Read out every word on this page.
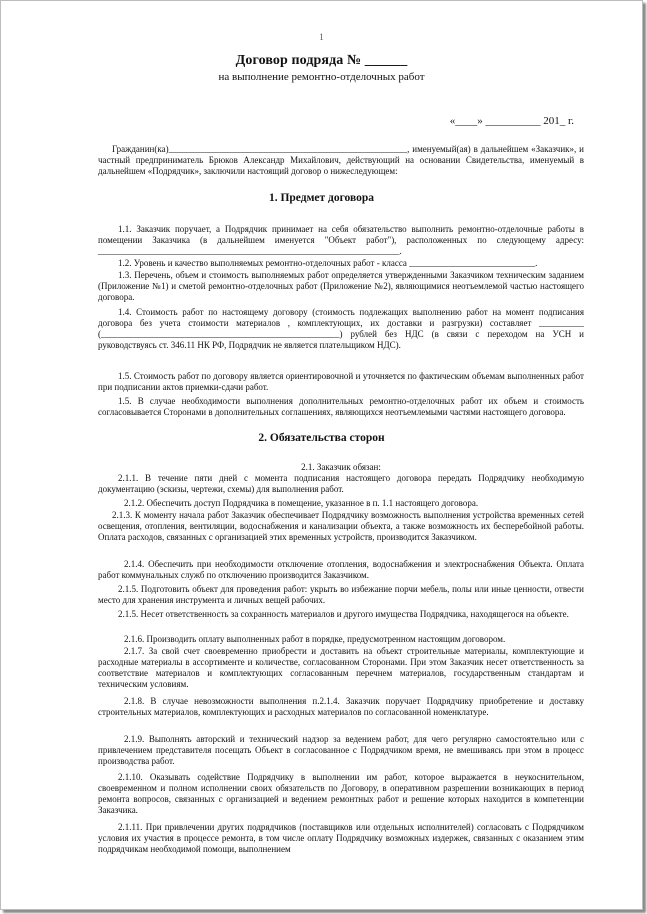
1
Договор подряда № ______
на выполнение ремонтно-отделочных работ
«____» __________ 201_ г.
Гражданин(ка)_____________________________________________________, именуемый(ая) в дальнейшем «Заказчик», и частный предприниматель Брюков Александр Михайлович, действующий на основании Свидетельства, именуемый в дальнейшем «Подрядчик», заключили настоящий договор о нижеследующем:
1. Предмет договора
1.1. Заказчик поручает, а Подрядчик принимает на себя обязательство выполнить ремонтно-отделочные работы в помещении Заказчика (в дальнейшем именуется "Объект работ"), расположенных по следующему адресу: ___________________________________________________________________.
1.2. Уровень и качество выполняемых ремонтно-отделочных работ - класса ____________________________.
1.3. Перечень, объем и стоимость выполняемых работ определяется утвержденными Заказчиком техническим заданием (Приложение №1) и сметой ремонтно-отделочных работ (Приложение №2), являющимися неотъемлемой частью настоящего договора.
1.4. Стоимость работ по настоящему договору (стоимость подлежащих выполнению работ на момент подписания договора без учета стоимости материалов , комплектующих, их доставки и разгрузки) составляет __________ (_____________________________________________________) рублей без НДС (в связи с переходом на УСН и руководствуясь ст. 346.11 НК РФ, Подрядчик не является плательщиком НДС).
1.5. Стоимость работ по договору является ориентировочной и уточняется по фактическим объемам выполненных работ при подписании актов приемки-сдачи работ.
1.5. В случае необходимости выполнения дополнительных ремонтно-отделочных работ их объем и стоимость согласовывается Сторонами в дополнительных соглашениях, являющихся неотъемлемыми частями настоящего договора.
2. Обязательства сторон
2.1. Заказчик обязан:
2.1.1. В течение пяти дней с момента подписания настоящего договора передать Подрядчику необходимую документацию (эскизы, чертежи, схемы) для выполнения работ.
2.1.2. Обеспечить доступ Подрядчика в помещение, указанное в п. 1.1 настоящего договора.
2.1.3. К моменту начала работ Заказчик обеспечивает Подрядчику возможность выполнения устройства временных сетей освещения, отопления, вентиляции, водоснабжения и канализации объекта, а также возможность их бесперебойной работы. Оплата расходов, связанных с организацией этих временных устройств, производится Заказчиком.
2.1.4. Обеспечить при необходимости отключение отопления, водоснабжения и электроснабжения Объекта. Оплата работ коммунальных служб по отключению производится Заказчиком.
2.1.5. Подготовить объект для проведения работ: укрыть во избежание порчи мебель, полы или иные ценности, отвести место для хранения инструмента и личных вещей рабочих.
2.1.5. Несет ответственность за сохранность материалов и другого имущества Подрядчика, находящегося на объекте.
2.1.6. Производить оплату выполненных работ в порядке, предусмотренном настоящим договором.
2.1.7. За свой счет своевременно приобрести и доставить на объект строительные материалы, комплектующие и расходные материалы в ассортименте и количестве, согласованном Сторонами. При этом Заказчик несет ответственность за соответствие материалов и комплектующих согласованным перечнем материалов, государственным стандартам и техническим условиям.
2.1.8. В случае невозможности выполнения п.2.1.4. Заказчик поручает Подрядчику приобретение и доставку строительных материалов, комплектующих и расходных материалов по согласованной номенклатуре.
2.1.9. Выполнять авторский и технический надзор за ведением работ, для чего регулярно самостоятельно или с привлечением представителя посещать Объект в согласованное с Подрядчиком время, не вмешиваясь при этом в процесс производства работ.
2.1.10. Оказывать содействие Подрядчику в выполнении им работ, которое выражается в неукоснительном, своевременном и полном исполнении своих обязательств по Договору, в оперативном разрешении возникающих в период ремонта вопросов, связанных с организацией и ведением ремонтных работ и решение которых находится в компетенции Заказчика.
2.1.11. При привлечении других подрядчиков (поставщиков или отдельных исполнителей) согласовать с Подрядчиком условия их участия в процессе ремонта, в том числе оплату Подрядчику возможных издержек, связанных с оказанием этим подрядчикам необходимой помощи, выполнением
